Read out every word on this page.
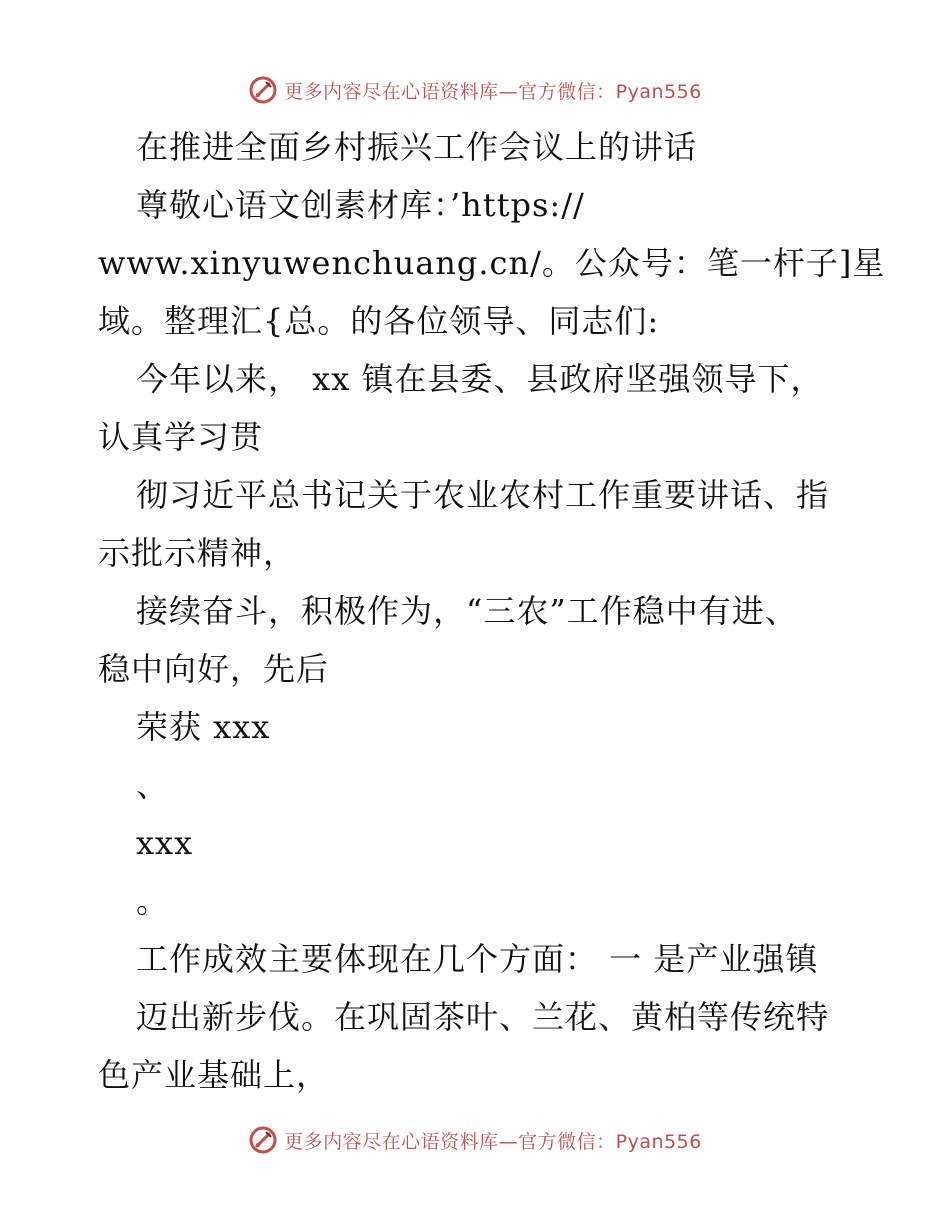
更多内容尽在心语资料库—官方微信：Pyan556
在推进全面乡村振兴工作会议上的讲话
尊敬心语文创素材库：’https://
www.xinyuwenchuang.cn/。公众号：笔一杆子]星
域。整理汇{总。的各位领导、同志们:
今年以来， xx 镇在县委、县政府坚强领导下，
认真学习贯
彻习近平总书记关于农业农村工作重要讲话、指
示批示精神，
接续奋斗，积极作为，“三农”工作稳中有进、
稳中向好，先后
荣获 xxx
、
xxx
。
工作成效主要体现在几个方面： 一 是产业强镇
迈出新步伐。在巩固茶叶、兰花、黄柏等传统特
色产业基础上，
更多内容尽在心语资料库—官方微信：Pyan556
